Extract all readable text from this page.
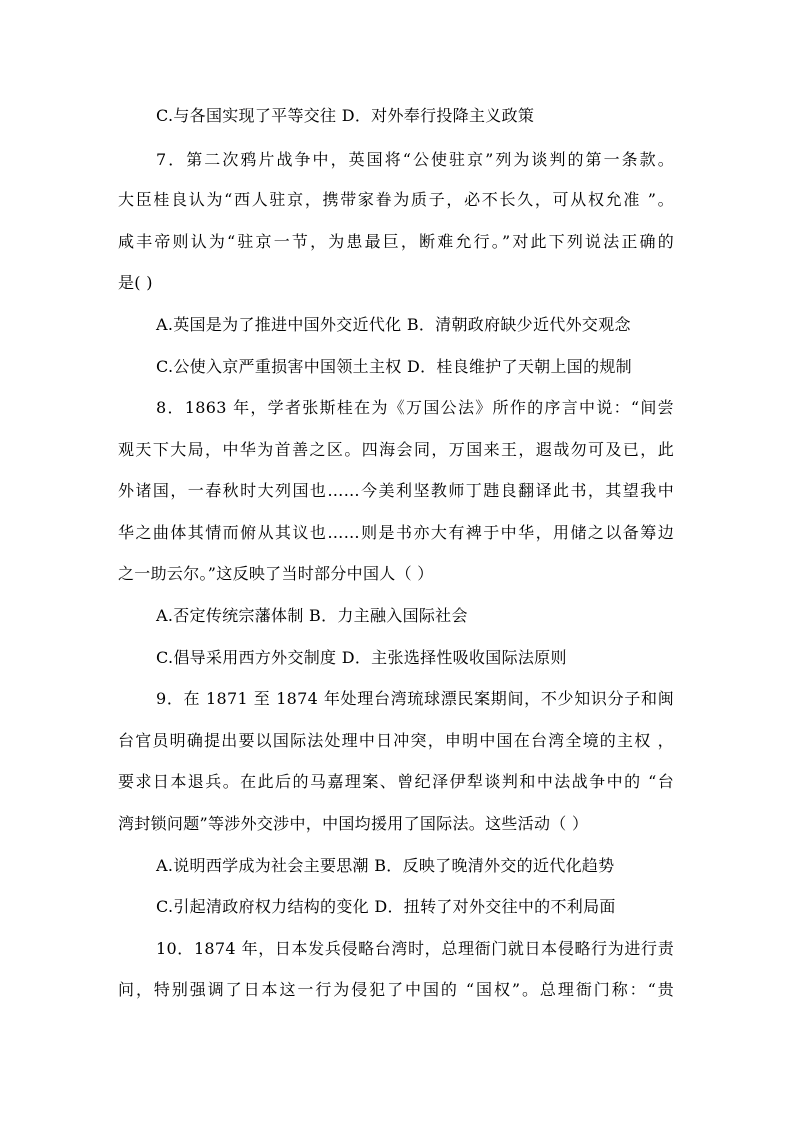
C.与各国实现了平等交往 D．对外奉行投降主义政策
7．第二次鸦片战争中，英国将“公使驻京”列为谈判的第一条款。
大臣桂良认为“西人驻京，携带家眷为质子，必不长久，可从权允准 ”。
咸丰帝则认为“驻京一节，为患最巨，断难允行。”对此下列说法正确的
是( )
A.英国是为了推进中国外交近代化 B．清朝政府缺少近代外交观念
C.公使入京严重损害中国领土主权 D．桂良维护了天朝上国的规制
8．1863 年，学者张斯桂在为《万国公法》所作的序言中说：“间尝
观天下大局，中华为首善之区。四海会同，万国来王，遐哉勿可及已，此
外诸国，一春秋时大列国也……今美利坚教师丁韪良翻译此书，其望我中
华之曲体其情而俯从其议也……则是书亦大有裨于中华，用储之以备筹边
之一助云尔。”这反映了当时部分中国人（ ）
A.否定传统宗藩体制 B．力主融入国际社会
C.倡导采用西方外交制度 D．主张选择性吸收国际法原则
9．在 1871 至 1874 年处理台湾琉球漂民案期间，不少知识分子和闽
台官员明确提出要以国际法处理中日冲突，申明中国在台湾全境的主权 ，
要求日本退兵。在此后的马嘉理案、曾纪泽伊犁谈判和中法战争中的 “台
湾封锁问题”等涉外交涉中，中国均援用了国际法。这些活动（ ）
A.说明西学成为社会主要思潮 B．反映了晚清外交的近代化趋势
C.引起清政府权力结构的变化 D．扭转了对外交往中的不利局面
10．1874 年，日本发兵侵略台湾时，总理衙门就日本侵略行为进行责
问，特别强调了日本这一行为侵犯了中国的 “国权”。总理衙门称：“贵
